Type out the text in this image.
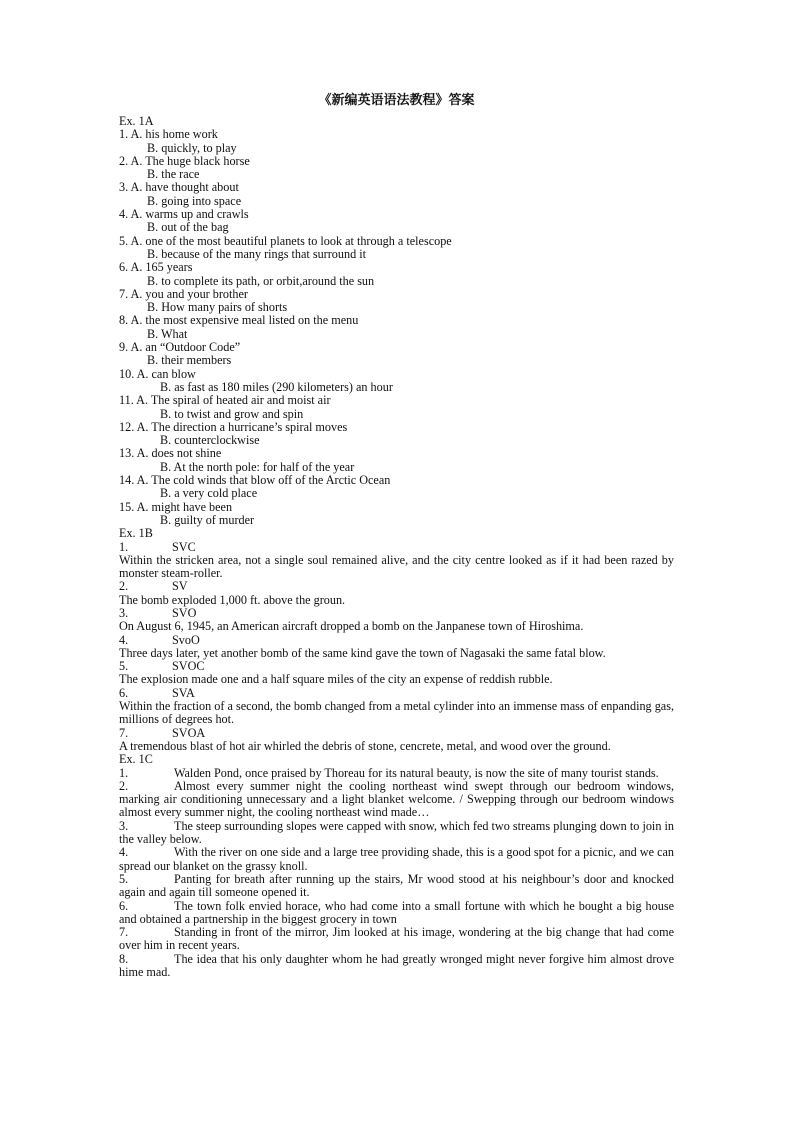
《新编英语语法教程》答案
Ex. 1A
1. A. his home work
B. quickly, to play
2. A. The huge black horse
B. the race
3. A. have thought about
B. going into space
4. A. warms up and crawls
B. out of the bag
5. A. one of the most beautiful planets to look at through a telescope
B. because of the many rings that surround it
6. A. 165 years
B. to complete its path, or orbit,around the sun
7. A. you and your brother
B. How many pairs of shorts
8. A. the most expensive meal listed on the menu
B. What
9. A. an “Outdoor Code”
B. their members
10. A. can blow
B. as fast as 180 miles (290 kilometers) an hour
11. A. The spiral of heated air and moist air
B. to twist and grow and spin
12. A. The direction a hurricane’s spiral moves
B. counterclockwise
13. A. does not shine
B. At the north pole: for half of the year
14. A. The cold winds that blow off of the Arctic Ocean
B. a very cold place
15. A. might have been
B. guilty of murder
Ex. 1B
1.	SVC
Within the stricken area, not a single soul remained alive, and the city centre looked as if it had been razed by monster steam-roller.
2.	SV
The bomb exploded 1,000 ft. above the groun.
3.	SVO
On August 6, 1945, an American aircraft dropped a bomb on the Janpanese town of Hiroshima.
4.	SvoO
Three days later, yet another bomb of the same kind gave the town of Nagasaki the same fatal blow.
5.	SVOC
The explosion made one and a half square miles of the city an expense of reddish rubble.
6.	SVA
Within the fraction of a second, the bomb changed from a metal cylinder into an immense mass of enpanding gas, millions of degrees hot.
7.	SVOA
A tremendous blast of hot air whirled the debris of stone, cencrete, metal, and wood over the ground.
Ex. 1C
1.	Walden Pond, once praised by Thoreau for its natural beauty, is now the site of many tourist stands.
2.	Almost every summer night the cooling northeast wind swept through our bedroom windows, marking air conditioning unnecessary and a light blanket welcome. / Swepping through our bedroom windows almost every summer night, the cooling northeast wind made…
3.	The steep surrounding slopes were capped with snow, which fed two streams plunging down to join in the valley below.
4.	With the river on one side and a large tree providing shade, this is a good spot for a picnic, and we can spread our blanket on the grassy knoll.
5.	Panting for breath after running up the stairs, Mr wood stood at his neighbour’s door and knocked again and again till someone opened it.
6.	The town folk envied horace, who had come into a small fortune with which he bought a big house and obtained a partnership in the biggest grocery in town
7.	Standing in front of the mirror, Jim looked at his image, wondering at the big change that had come over him in recent years.
8.	The idea that his only daughter whom he had greatly wronged might never forgive him almost drove hime mad.
